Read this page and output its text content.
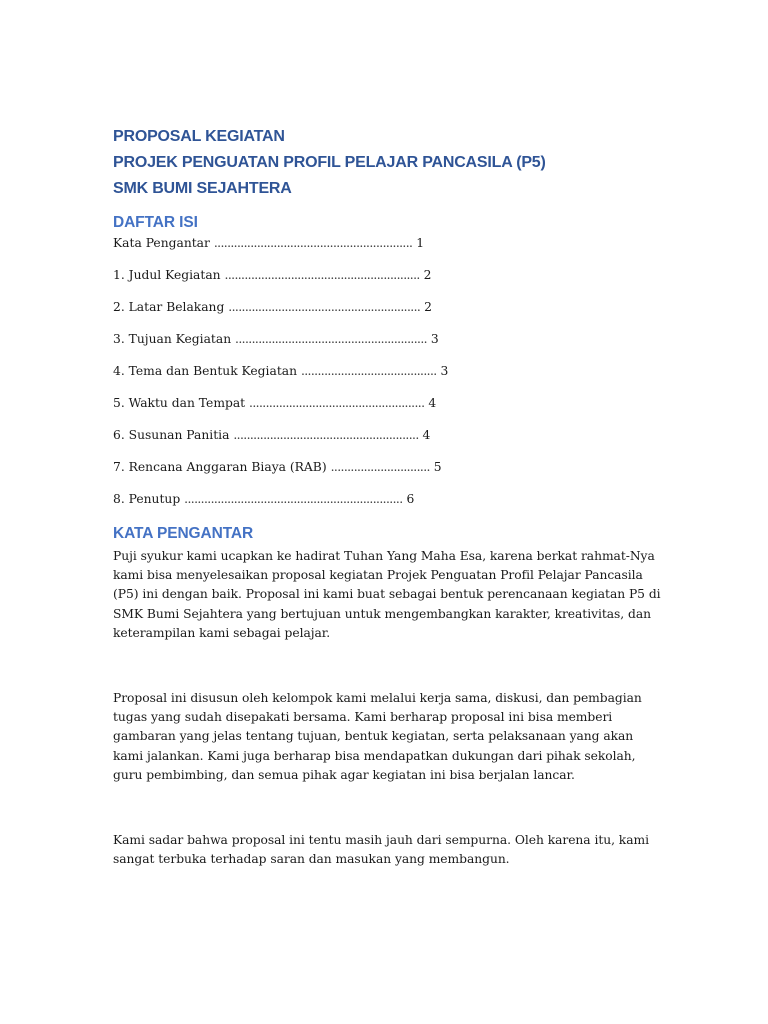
PROPOSAL KEGIATAN

PROJEK PENGUATAN PROFIL PELAJAR PANCASILA (P5)

SMK BUMI SEJAHTERA

DAFTAR ISI
Kata Pengantar ............................................................ 1
1. Judul Kegiatan ........................................................... 2
2. Latar Belakang .......................................................... 2
3. Tujuan Kegiatan .......................................................... 3
4. Tema dan Bentuk Kegiatan ......................................... 3
5. Waktu dan Tempat ..................................................... 4
6. Susunan Panitia ........................................................ 4
7. Rencana Anggaran Biaya (RAB) .............................. 5
8. Penutup .................................................................. 6
KATA PENGANTAR

Puji syukur kami ucapkan ke hadirat Tuhan Yang Maha Esa, karena berkat rahmat-Nya kami bisa menyelesaikan proposal kegiatan Projek Penguatan Profil Pelajar Pancasila (P5) ini dengan baik. Proposal ini kami buat sebagai bentuk perencanaan kegiatan P5 di SMK Bumi Sejahtera yang bertujuan untuk mengembangkan karakter, kreativitas, dan keterampilan kami sebagai pelajar.

Proposal ini disusun oleh kelompok kami melalui kerja sama, diskusi, dan pembagian tugas yang sudah disepakati bersama. Kami berharap proposal ini bisa memberi gambaran yang jelas tentang tujuan, bentuk kegiatan, serta pelaksanaan yang akan kami jalankan. Kami juga berharap bisa mendapatkan dukungan dari pihak sekolah, guru pembimbing, dan semua pihak agar kegiatan ini bisa berjalan lancar.

Kami sadar bahwa proposal ini tentu masih jauh dari sempurna. Oleh karena itu, kami sangat terbuka terhadap saran dan masukan yang membangun.
